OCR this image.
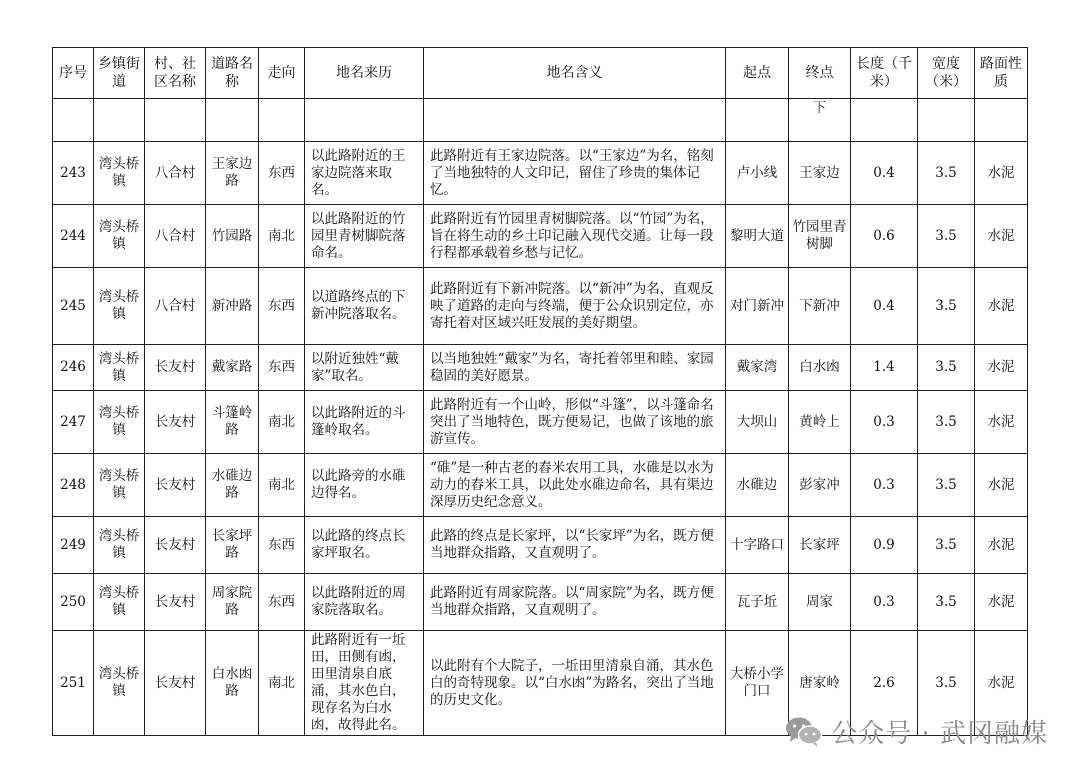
序号	乡镇街道	村、社区名称	道路名称	走向	地名来历	地名含义	起点	终点	长度（千米）	宽度（米）	路面性质
								下			
243	湾头桥镇	八合村	王家边路	东西	以此路附近的王家边院落来取名。	此路附近有王家边院落。以“王家边”为名，铭刻了当地独特的人文印记，留住了珍贵的集体记忆。	卢小线	王家边	0.4	3.5	水泥
244	湾头桥镇	八合村	竹园路	南北	以此路附近的竹园里青树脚院落命名。	此路附近有竹园里青树脚院落。以“竹园”为名，旨在将生动的乡土印记融入现代交通。让每一段行程都承载着乡愁与记忆。	黎明大道	竹园里青树脚	0.6	3.5	水泥
245	湾头桥镇	八合村	新冲路	东西	以道路终点的下新冲院落取名。	此路附近有下新冲院落。以“新冲”为名，直观反映了道路的走向与终端，便于公众识别定位，亦寄托着对区域兴旺发展的美好期望。	对门新冲	下新冲	0.4	3.5	水泥
246	湾头桥镇	长友村	戴家路	东西	以附近独姓“戴家”取名。	以当地独姓“戴家”为名，寄托着邻里和睦、家园稳固的美好愿景。	戴家湾	白水凼	1.4	3.5	水泥
247	湾头桥镇	长友村	斗篷岭路	南北	以此路附近的斗篷岭取名。	此路附近有一个山岭，形似“斗篷”，以斗篷命名突出了当地特色，既方便易记，也做了该地的旅游宣传。	大坝山	黄岭上	0.3	3.5	水泥
248	湾头桥镇	长友村	水碓边路	南北	以此路旁的水碓边得名。	“碓”是一种古老的舂米农用工具，水碓是以水为动力的舂米工具，以此处水碓边命名，具有渠边深厚历史纪念意义。	水碓边	彭家冲	0.3	3.5	水泥
249	湾头桥镇	长友村	长家坪路	东西	以此路的终点长家坪取名。	此路的终点是长家坪，以“长家坪”为名，既方便当地群众指路，又直观明了。	十字路口	长家坪	0.9	3.5	水泥
250	湾头桥镇	长友村	周家院路	东西	以此路附近的周家院落取名。	此路附近有周家院落。以“周家院”为名，既方便当地群众指路，又直观明了。	瓦子坵	周家	0.3	3.5	水泥
251	湾头桥镇	长友村	白水凼路	南北	此路附近有一坵田，田侧有凼，田里清泉自底涌，其水色白，现存名为白水凼，故得此名。	以此附有个大院子，一坵田里清泉自涌，其水色白的奇特现象。以“白水凼”为路名，突出了当地的历史文化。	大桥小学门口	唐家岭	2.6	3.5	水泥
公众号 · 武冈融媒
